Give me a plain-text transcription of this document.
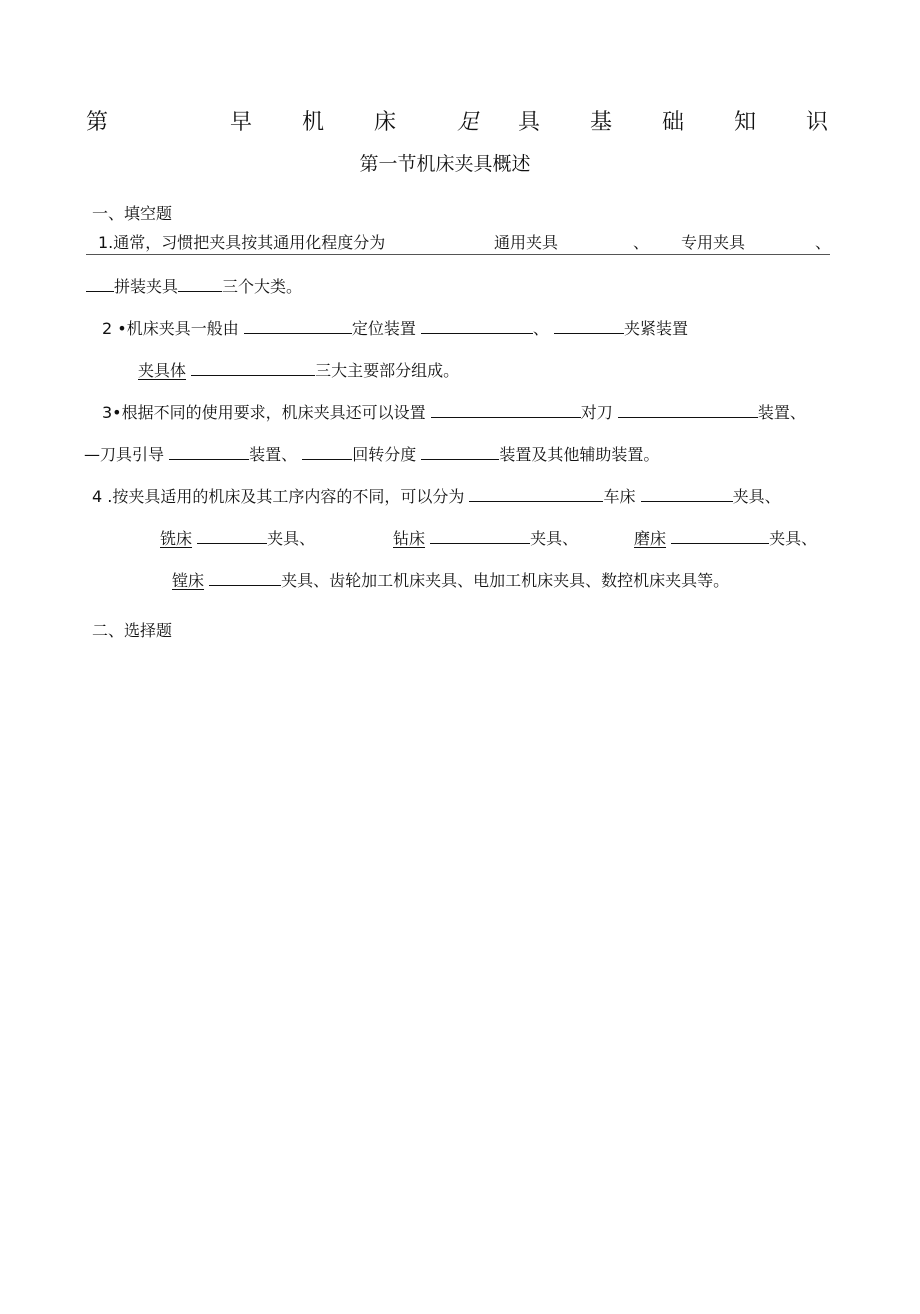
第	早 机 床	足 具 基 础 知 识
第一节机床夹具概述
一、填空题
1.通常，习惯把夹具按其通用化程度分为	通用夹具	、 专用夹具	、
拼装夹具	三个大类。
2 •机床夹具一般由	定位装置	、	夹紧装置
夹具体	三大主要部分组成。
3•根据不同的使用要求，机床夹具还可以设置	对刀	装置、
—刀具引导	装置、	回转分度	装置及其他辅助装置。
4 .按夹具适用的机床及其工序内容的不同，可以分为	车床	夹具、
铣床	夹具、	钻床	夹具、	磨床	夹具、
镗床	夹具、齿轮加工机床夹具、电加工机床夹具、数控机床夹具等。
二、选择题
